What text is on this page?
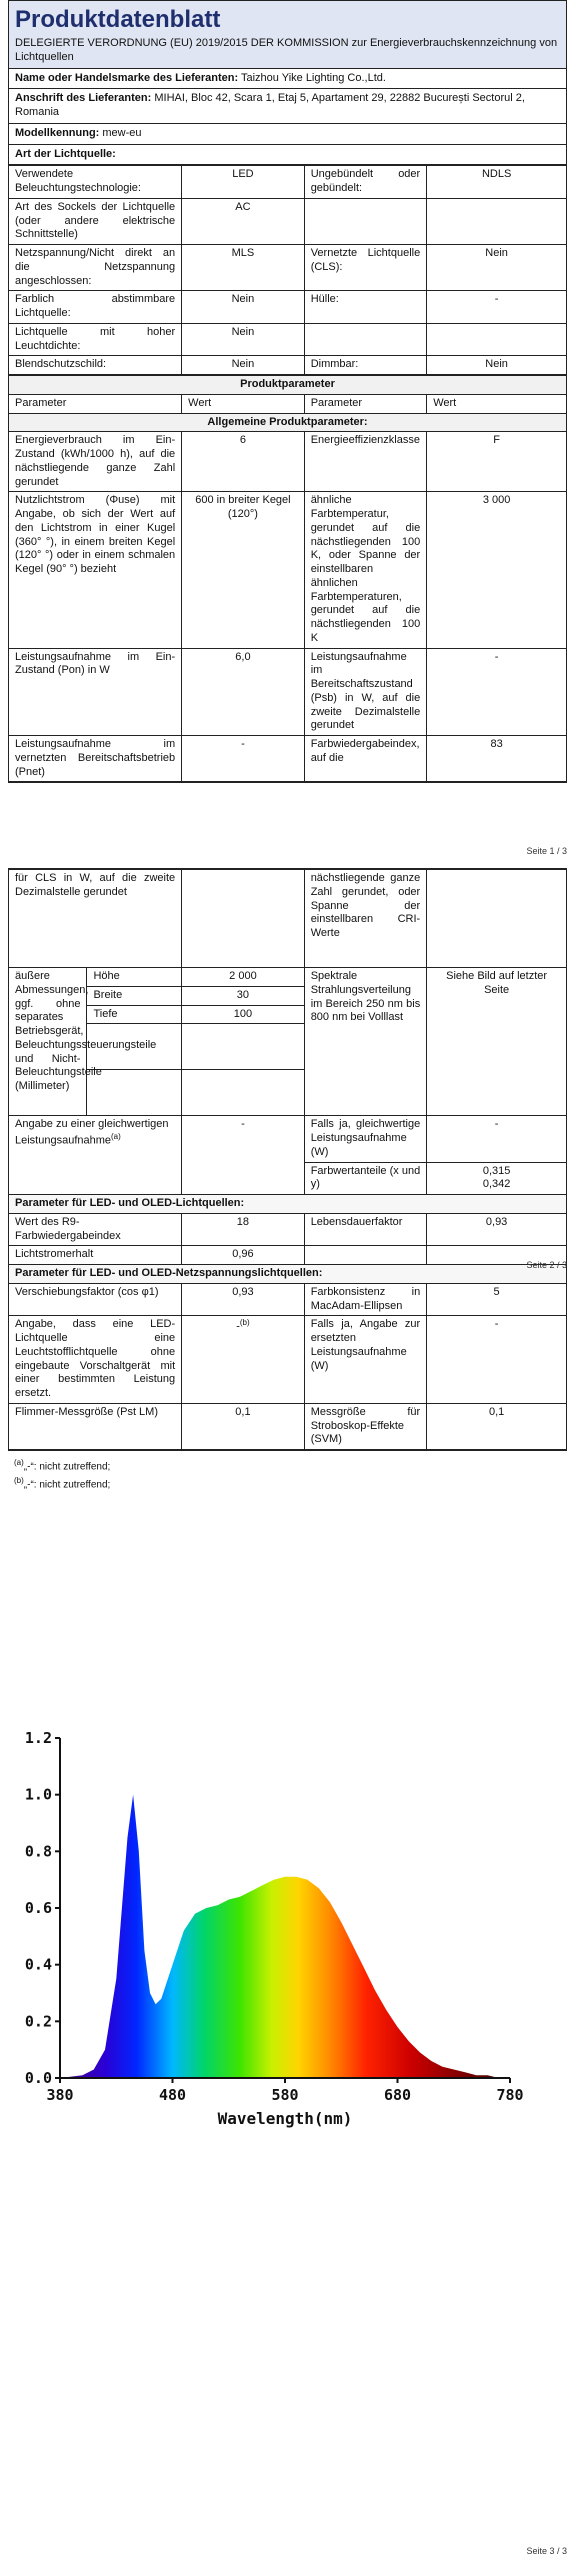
Produktdatenblatt

DELEGIERTE VERORDNUNG (EU) 2019/2015 DER KOMMISSION zur Energieverbrauchskennzeichnung von Lichtquellen

Name oder Handelsmarke des Lieferanten: Taizhou Yike Lighting Co.,Ltd.
Anschrift des Lieferanten: MIHAI, Bloc 42, Scara 1, Etaj 5, Apartament 29, 22882 București Sectorul 2, Romania
Modellkennung: mew-eu
Art der Lichtquelle:
Verwendete Beleuchtungstechnologie:	LED	Ungebündelt oder gebündelt:	NDLS
Art des Sockels der Lichtquelle (oder andere elektrische Schnittstelle)	AC		
Netzspannung/Nicht direkt an die Netzspannung angeschlossen:	MLS	Vernetzte Lichtquelle (CLS):	Nein
Farblich abstimmbare Lichtquelle:	Nein	Hülle:	-
Lichtquelle mit hoher Leuchtdichte:	Nein		
Blendschutzschild:	Nein	Dimmbar:	Nein
Produktparameter			
Parameter	Wert	Parameter	Wert
Allgemeine Produktparameter:			
Energieverbrauch im Ein-Zustand (kWh/1000 h), auf die nächstliegende ganze Zahl gerundet	6	Energieeffizienzklasse	F
Nutzlichtstrom (Φuse) mit Angabe, ob sich der Wert auf den Lichtstrom in einer Kugel (360° °), in einem breiten Kegel (120° °) oder in einem schmalen Kegel (90° °) bezieht	600 in breiter Kegel (120°)	ähnliche Farbtemperatur, gerundet auf die nächstliegenden 100 K, oder Spanne der einstellbaren ähnlichen Farbtemperaturen, gerundet auf die nächstliegenden 100 K	3 000
Leistungsaufnahme im Ein-Zustand (Pon) in W	6,0	Leistungsaufnahme im Bereitschaftszustand (Psb) in W, auf die zweite Dezimalstelle gerundet	-
Leistungsaufnahme im vernetzten Bereitschaftsbetrieb (Pnet)	-	Farbwiedergabeindex, auf die	83
Seite 1 / 3
für CLS in W, auf die zweite Dezimalstelle gerundet			nächstliegende ganze Zahl gerundet, oder Spanne der einstellbaren CRI-Werte	
äußere Abmessungen, ggf. ohne separates Betriebsgerät, Beleuchtungssteuerungsteile und Nicht-Beleuchtungsteile (Millimeter)	Höhe	2 000	Spektrale Strahlungsverteilung im Bereich 250 nm bis 800 nm bei Volllast	Siehe Bild auf letzter Seite
	Breite	30		
	Tiefe	100		

Angabe zu einer gleichwertigen Leistungsaufnahme$^{(a)}$		-	Falls ja, gleichwertige Leistungsaufnahme (W)	-
			Farbwertanteile (x und y)	0,315
0,342

Parameter für LED- und OLED-Lichtquellen:				
Wert des R9-Farbwiedergabeindex		18	Lebensdauerfaktor	0,93
Lichtstromerhalt		0,96		
Parameter für LED- und OLED-Netzspannungslichtquellen:				
Verschiebungsfaktor (cos φ1)		0,93	Farbkonsistenz in MacAdam-Ellipsen	5
Angabe, dass eine LED-Lichtquelle eine Leuchtstofflichtquelle ohne eingebaute Vorschaltgerät mit einer bestimmten Leistung ersetzt.		-$^{(b)}$	Falls ja, Angabe zur ersetzten Leistungsaufnahme (W)	-
Flimmer-Messgröße (Pst LM)		0,1	Messgröße für Stroboskop-Effekte (SVM)	0,1
$^{(a)}$„-“: nicht zutreffend;
$^{(b)}$„-“: nicht zutreffend;
Seite 2 / 3
380	480	580	680	780
0.0
0.2
0.4
0.6
0.8
1.0
1.2
Wavelength(nm)
Seite 3 / 3
